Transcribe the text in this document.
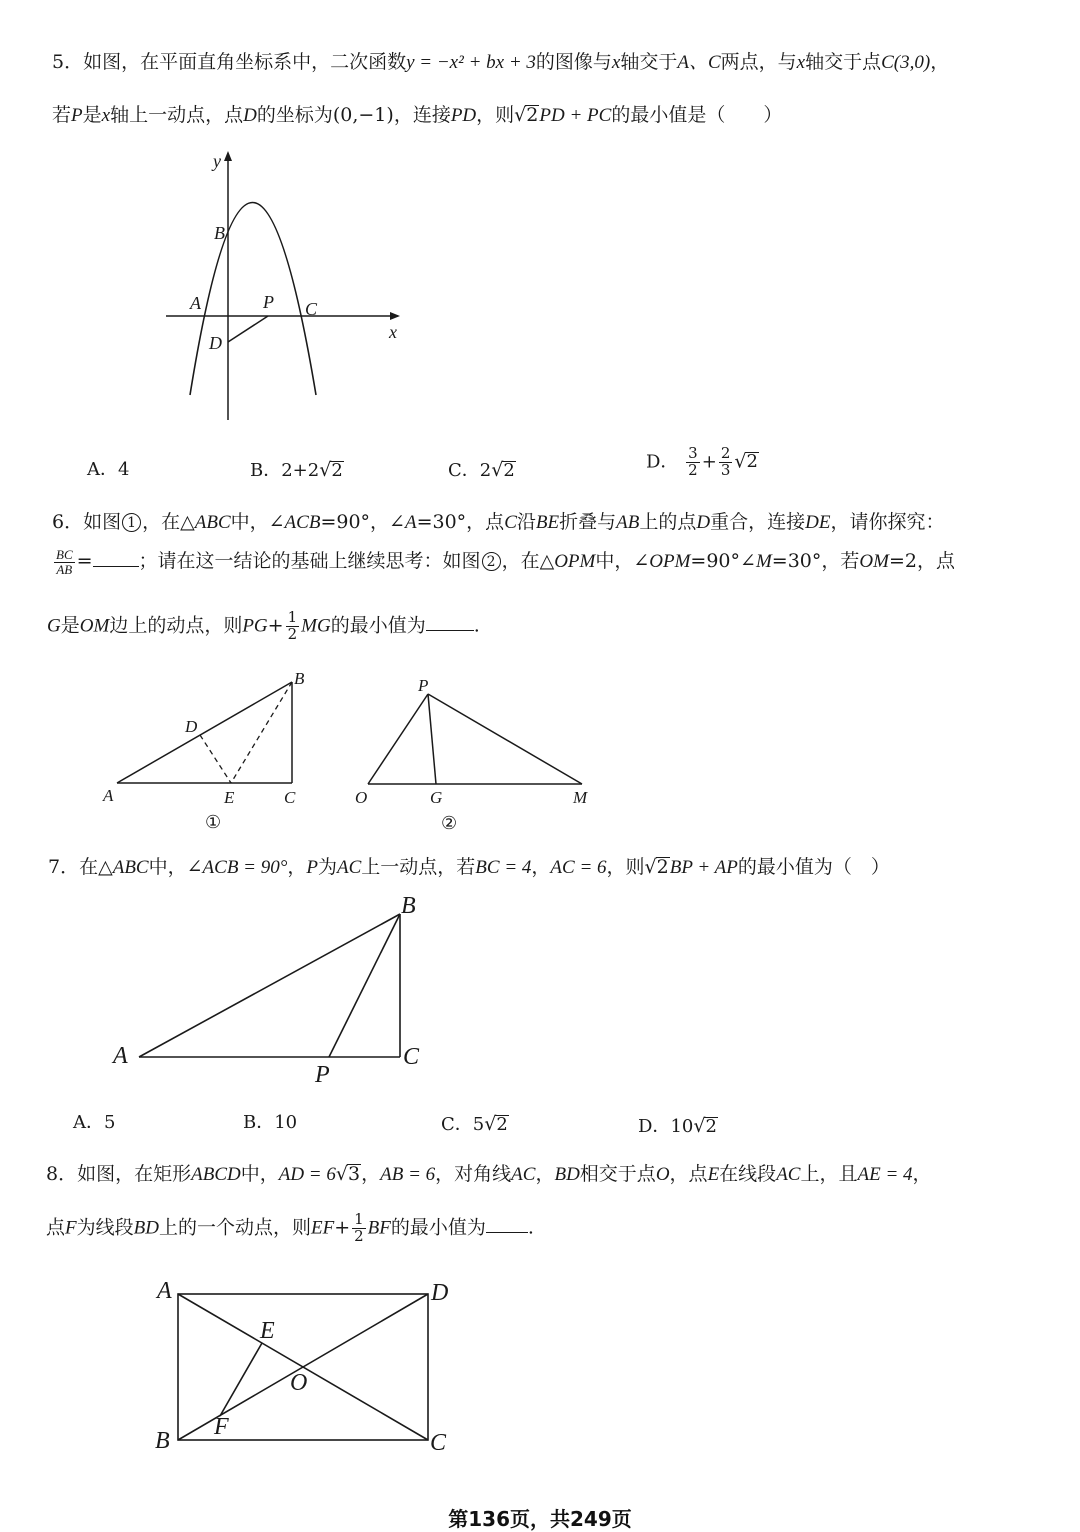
5．如图，在平面直角坐标系中，二次函数y = −x² + bx + 3的图像与x轴交于A、C两点，与x轴交于点C(3,0)，
若P是x轴上一动点，点D的坐标为(0,−1)，连接PD，则√2PD + PC的最小值是（　　）
y
x
B
A	P C
D
A．4	B．2+2√2	C．2√2	D． $\frac{3}{2} + \frac{2}{3} √2$
6．如图 1 ，在△ABC中，∠ACB=90°，∠A=30°，点C沿BE折叠与AB上的点D重合，连接DE，请你探究：
$\frac{BC}{AB}$ = ；请在这一结论的基础上继续思考：如图 2 ，在△OPM中，∠OPM=90°∠M=30°，若OM=2，点
G是OM边上的动点，则$PG+ \frac{1}{2}$ MG的最小值为	.
A
B
C
D
E
①
P
O	G	M
②
7．在△ABC中，∠ACB = 90°，P为AC上一动点，若BC = 4，AC = 6，则√2BP + AP的最小值为（　）
A
B
C
P
A．5	B．10	C．5√2	D．10√2
8．如图，在矩形ABCD中，AD = 6√3，AB = 6，对角线AC，BD相交于点O，点E在线段AC上，且AE = 4，
点F为线段BD上的一个动点，则$EF+ \frac{1}{2}$ BF的最小值为 .
A	D
B	C
E
O
F
第136页，共249页
